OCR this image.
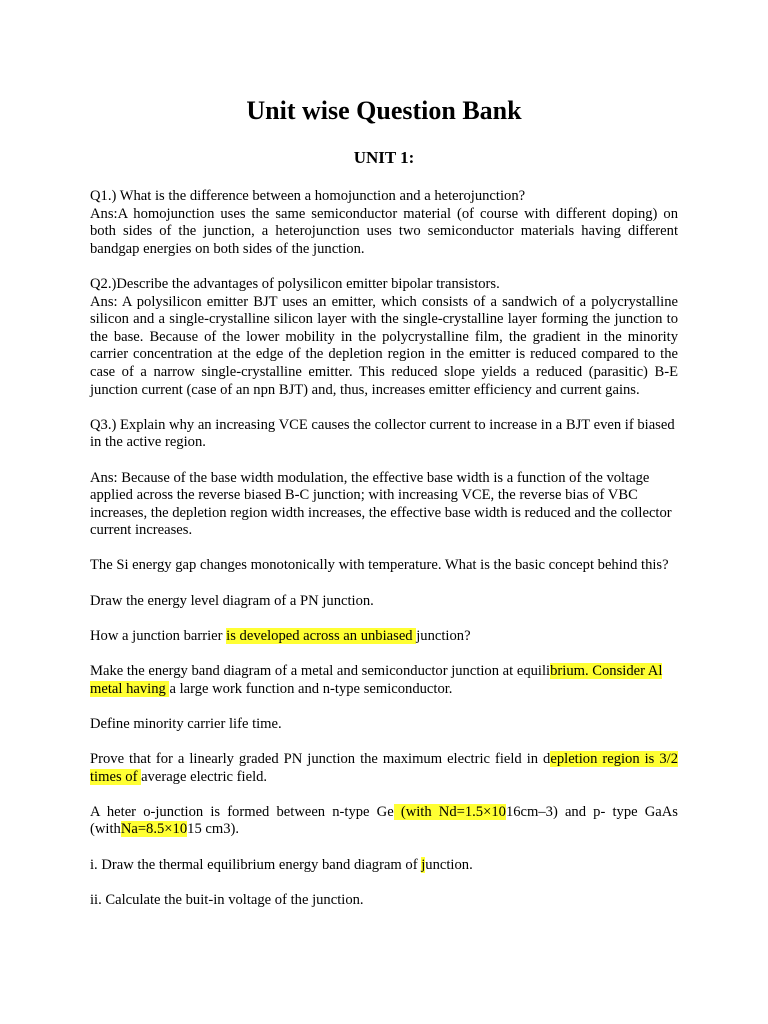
Unit wise Question Bank
UNIT 1:

Q1.) What is the difference between a homojunction and a heterojunction?

Ans:A homojunction uses the same semiconductor material (of course with different doping) on both sides of the junction, a heterojunction uses two semiconductor materials having different bandgap energies on both sides of the junction.

Q2.)Describe the advantages of polysilicon emitter bipolar transistors.

Ans: A polysilicon emitter BJT uses an emitter, which consists of a sandwich of a polycrystalline silicon and a single-crystalline silicon layer with the single-crystalline layer forming the junction to the base. Because of the lower mobility in the polycrystalline film, the gradient in the minority carrier concentration at the edge of the depletion region in the emitter is reduced compared to the case of a narrow single-crystalline emitter. This reduced slope yields a reduced (parasitic) B-E junction current (case of an npn BJT) and, thus, increases emitter efficiency and current gains.

Q3.) Explain why an increasing VCE causes the collector current to increase in a BJT even if biased in the active region.

Ans: Because of the base width modulation, the effective base width is a function of the voltage applied across the reverse biased B-C junction; with increasing VCE, the reverse bias of VBC increases, the depletion region width increases, the effective base width is reduced and the collector current increases.

The Si energy gap changes monotonically with temperature. What is the basic concept behind this?

Draw the energy level diagram of a PN junction.

How a junction barrier is developed across an unbiased junction?

Make the energy band diagram of a metal and semiconductor junction at equilibrium. Consider Al metal having a large work function and n-type semiconductor.

Define minority carrier life time.

Prove that for a linearly graded PN junction the maximum electric field in depletion region is 3/2 times of average electric field.

A heter o-junction is formed between n-type Ge (with Nd=1.5×1016cm–3) and p- type GaAs (withNa=8.5×1015 cm3).

i. Draw the thermal equilibrium energy band diagram of junction.

ii. Calculate the buit-in voltage of the junction.
